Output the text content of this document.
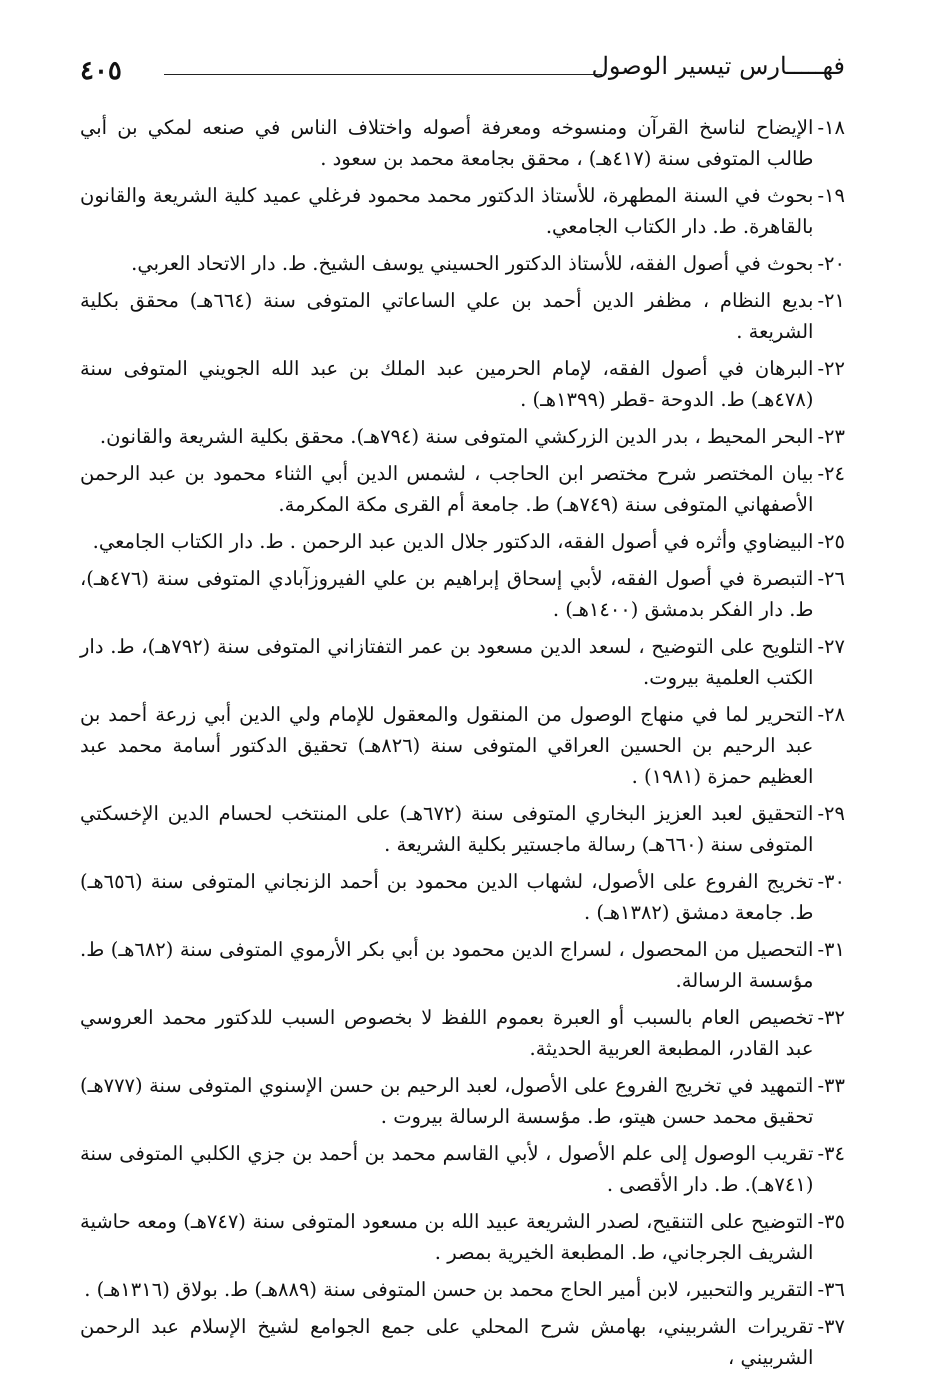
فهـــــارس تيسير الوصول
٤٠٥
١٨-
الإيضاح لناسخ القرآن ومنسوخه ومعرفة أصوله واختلاف الناس في صنعه لمكي بن أبي طالب المتوفى سنة (٤١٧هـ) ، محقق بجامعة محمد بن سعود .
١٩-
بحوث في السنة المطهرة، للأستاذ الدكتور محمد محمود فرغلي عميد كلية الشريعة والقانون بالقاهرة. ط. دار الكتاب الجامعي.
٢٠-
بحوث في أصول الفقه، للأستاذ الدكتور الحسيني يوسف الشيخ. ط. دار الاتحاد العربي.
٢١-
بديع النظام ، مظفر الدين أحمد بن علي الساعاتي المتوفى سنة (٦٦٤هـ) محقق بكلية الشريعة .
٢٢-
البرهان في أصول الفقه، لإمام الحرمين عبد الملك بن عبد الله الجويني المتوفى سنة (٤٧٨هـ) ط. الدوحة -قطر (١٣٩٩هـ) .
٢٣-
البحر المحيط ، بدر الدين الزركشي المتوفى سنة (٧٩٤هـ). محقق بكلية الشريعة والقانون.
٢٤-
بيان المختصر شرح مختصر ابن الحاجب ، لشمس الدين أبي الثناء محمود بن عبد الرحمن الأصفهاني المتوفى سنة (٧٤٩هـ) ط. جامعة أم القرى مكة المكرمة.
٢٥-
البيضاوي وأثره في أصول الفقه، الدكتور جلال الدين عبد الرحمن . ط. دار الكتاب الجامعي.
٢٦-
التبصرة في أصول الفقه، لأبي إسحاق إبراهيم بن علي الفيروزآبادي المتوفى سنة (٤٧٦هـ)، ط. دار الفكر بدمشق (١٤٠٠هـ) .
٢٧-
التلويح على التوضيح ، لسعد الدين مسعود بن عمر التفتازاني المتوفى سنة (٧٩٢هـ)، ط. دار الكتب العلمية بيروت.
٢٨-
التحرير لما في منهاج الوصول من المنقول والمعقول للإمام ولي الدين أبي زرعة أحمد بن عبد الرحيم بن الحسين العراقي المتوفى سنة (٨٢٦هـ) تحقيق الدكتور أسامة محمد عبد العظيم حمزة (١٩٨١) .
٢٩-
التحقيق لعبد العزيز البخاري المتوفى سنة (٦٧٢هـ) على المنتخب لحسام الدين الإخسكتي المتوفى سنة (٦٦٠هـ) رسالة ماجستير بكلية الشريعة .
٣٠-
تخريج الفروع على الأصول، لشهاب الدين محمود بن أحمد الزنجاني المتوفى سنة (٦٥٦هـ) ط. جامعة دمشق (١٣٨٢هـ) .
٣١-
التحصيل من المحصول ، لسراج الدين محمود بن أبي بكر الأرموي المتوفى سنة (٦٨٢هـ) ط. مؤسسة الرسالة.
٣٢-
تخصيص العام بالسبب أو العبرة بعموم اللفظ لا بخصوص السبب للدكتور محمد العروسي عبد القادر، المطبعة العربية الحديثة.
٣٣-
التمهيد في تخريج الفروع على الأصول، لعبد الرحيم بن حسن الإسنوي المتوفى سنة (٧٧٧هـ) تحقيق محمد حسن هيتو، ط. مؤسسة الرسالة بيروت .
٣٤-
تقريب الوصول إلى علم الأصول ، لأبي القاسم محمد بن أحمد بن جزي الكلبي المتوفى سنة (٧٤١هـ). ط. دار الأقصى .
٣٥-
التوضيح على التنقيح، لصدر الشريعة عبيد الله بن مسعود المتوفى سنة (٧٤٧هـ) ومعه حاشية الشريف الجرجاني، ط. المطبعة الخيرية بمصر .
٣٦-
التقرير والتحبير، لابن أمير الحاج محمد بن حسن المتوفى سنة (٨٨٩هـ) ط. بولاق (١٣١٦هـ) .
٣٧-
تقريرات الشربيني، بهامش شرح المحلي على جمع الجوامع لشيخ الإسلام عبد الرحمن الشربيني ،
